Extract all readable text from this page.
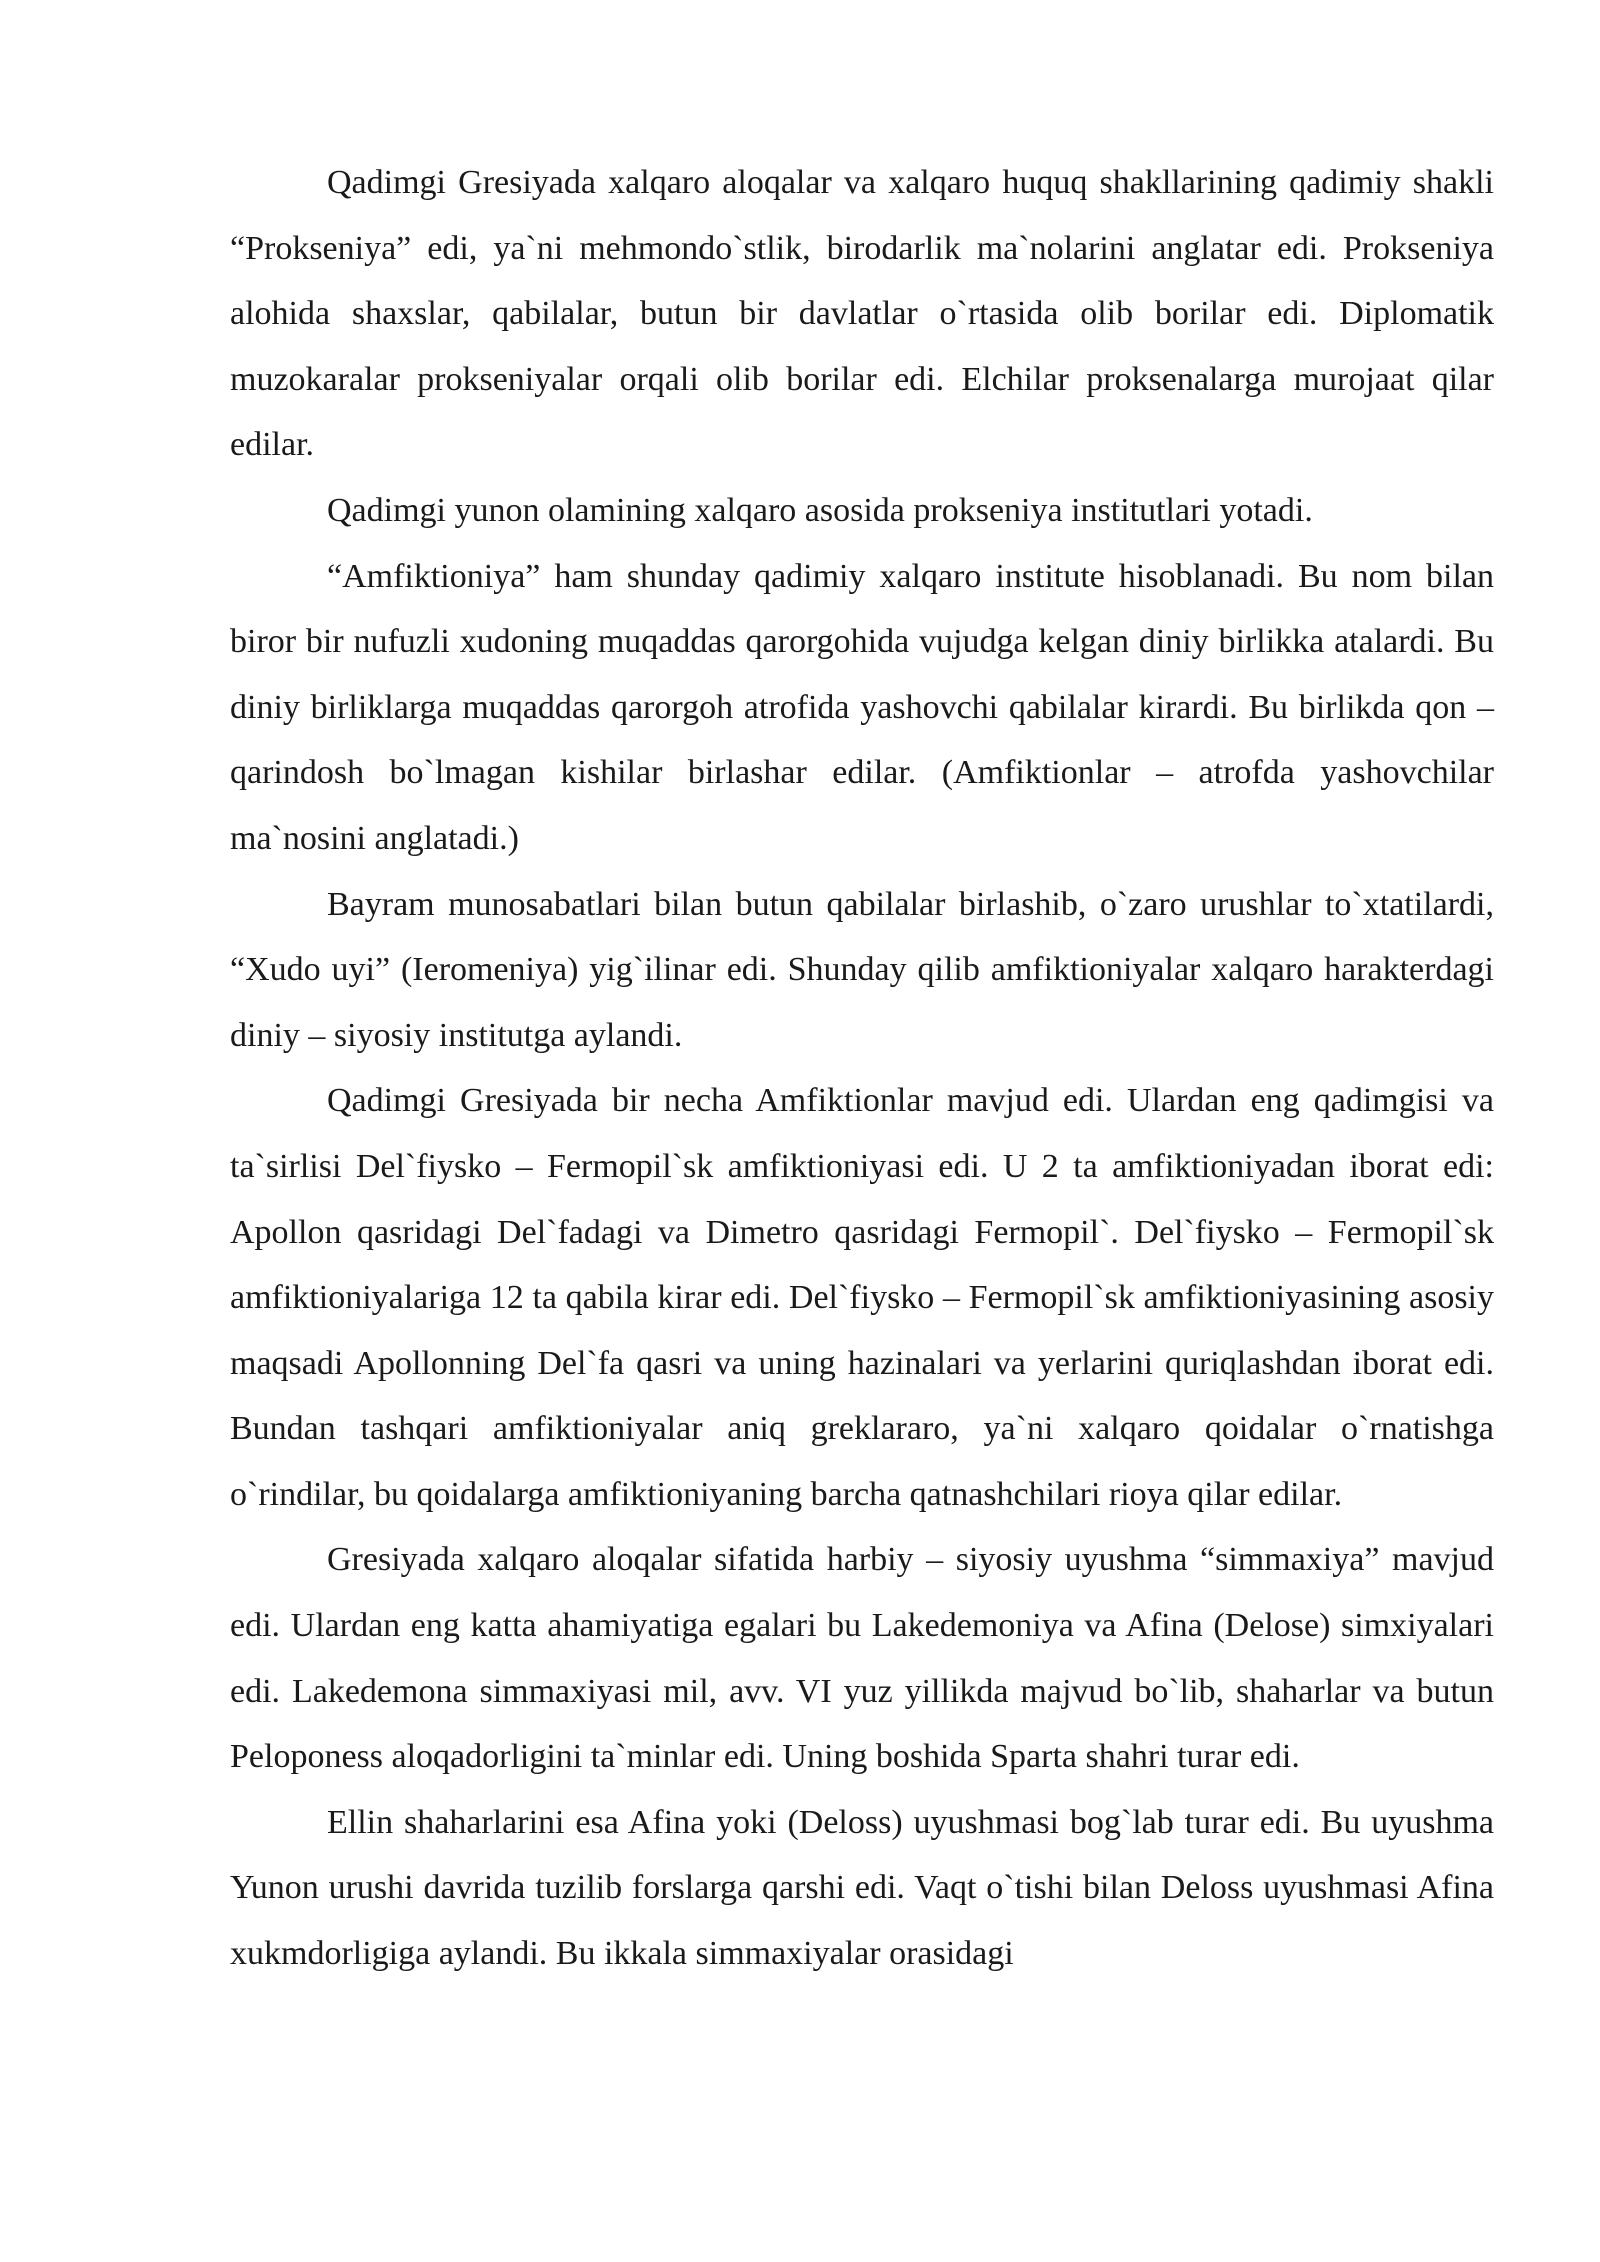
Qadimgi Gresiyada xalqaro aloqalar va xalqaro huquq shakllarining qadimiy shakli “Prokseniya” edi, ya`ni mehmondo`stlik, birodarlik ma`nolarini anglatar edi. Prokseniya alohida shaxslar, qabilalar, butun bir davlatlar o`rtasida olib borilar edi. Diplomatik muzokaralar prokseniyalar orqali olib borilar edi. Elchilar proksenalarga murojaat qilar edilar.

Qadimgi yunon olamining xalqaro asosida prokseniya institutlari yotadi.

“Amfiktioniya” ham shunday qadimiy xalqaro institute hisoblanadi. Bu nom bilan biror bir nufuzli xudoning muqaddas qarorgohida vujudga kelgan diniy birlikka atalardi. Bu diniy birliklarga muqaddas qarorgoh atrofida yashovchi qabilalar kirardi. Bu birlikda qon – qarindosh bo`lmagan kishilar birlashar edilar. (Amfiktionlar – atrofda yashovchilar ma`nosini anglatadi.)

Bayram munosabatlari bilan butun qabilalar birlashib, o`zaro urushlar to`xtatilardi, “Xudo uyi” (Ieromeniya) yig`ilinar edi. Shunday qilib amfiktioniyalar xalqaro harakterdagi diniy – siyosiy institutga aylandi.

Qadimgi Gresiyada bir necha Amfiktionlar mavjud edi. Ulardan eng qadimgisi va ta`sirlisi Del`fiysko – Fermopil`sk amfiktioniyasi edi. U 2 ta amfiktioniyadan iborat edi: Apollon qasridagi Del`fadagi va Dimetro qasridagi Fermopil`. Del`fiysko – Fermopil`sk amfiktioniyalariga 12 ta qabila kirar edi. Del`fiysko – Fermopil`sk amfiktioniyasining asosiy maqsadi Apollonning Del`fa qasri va uning hazinalari va yerlarini quriqlashdan iborat edi. Bundan tashqari amfiktioniyalar aniq greklararo, ya`ni xalqaro qoidalar o`rnatishga o`rindilar, bu qoidalarga amfiktioniyaning barcha qatnashchilari rioya qilar edilar.

Gresiyada xalqaro aloqalar sifatida harbiy – siyosiy uyushma “simmaxiya” mavjud edi. Ulardan eng katta ahamiyatiga egalari bu Lakedemoniya va Afina (Delose) simxiyalari edi. Lakedemona simmaxiyasi mil, avv. VI yuz yillikda majvud bo`lib, shaharlar va butun Peloponess aloqadorligini ta`minlar edi. Uning boshida Sparta shahri turar edi.

Ellin shaharlarini esa Afina yoki (Deloss) uyushmasi bog`lab turar edi. Bu uyushma Yunon urushi davrida tuzilib forslarga qarshi edi. Vaqt o`tishi bilan Deloss uyushmasi Afina xukmdorligiga aylandi. Bu ikkala simmaxiyalar orasidagi
